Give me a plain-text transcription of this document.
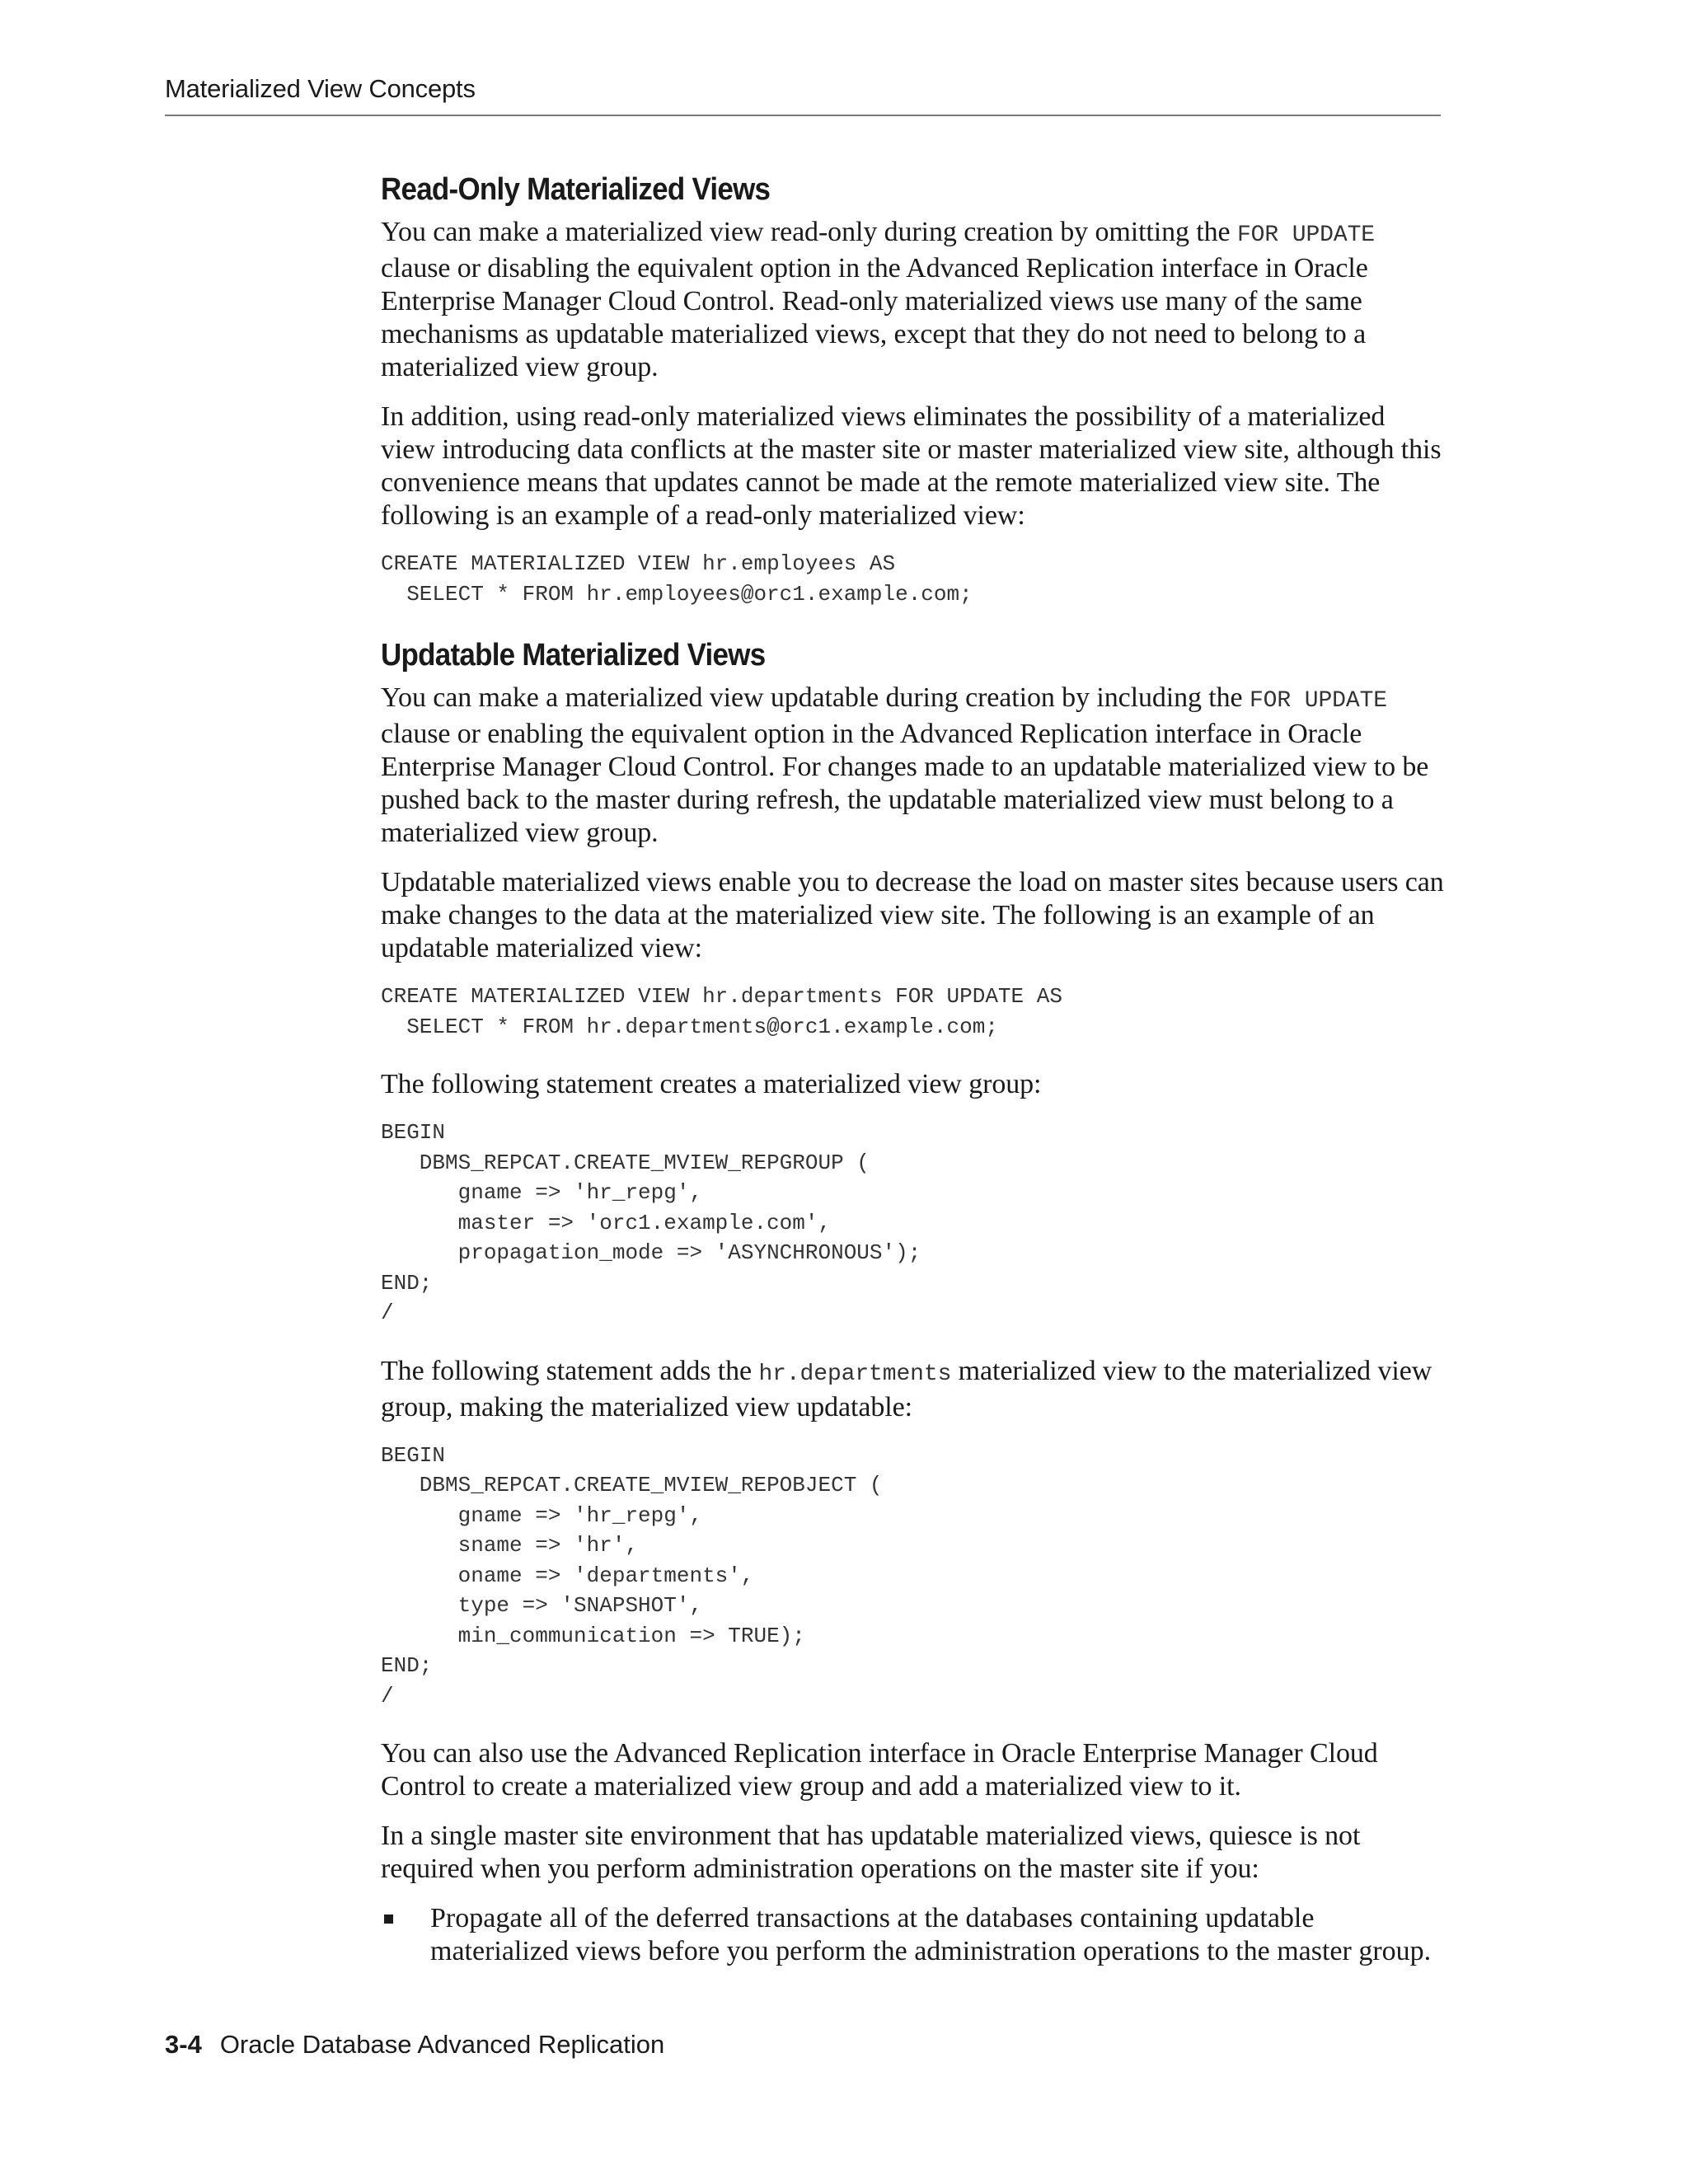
Materialized View Concepts
Read-Only Materialized Views

You can make a materialized view read-only during creation by omitting the FOR UPDATE clause or disabling the equivalent option in the Advanced Replication interface in Oracle Enterprise Manager Cloud Control. Read-only materialized views use many of the same mechanisms as updatable materialized views, except that they do not need to belong to a materialized view group.

In addition, using read-only materialized views eliminates the possibility of a materialized view introducing data conflicts at the master site or master materialized view site, although this convenience means that updates cannot be made at the remote materialized view site. The following is an example of a read-only materialized view:

CREATE MATERIALIZED VIEW hr.employees AS
SELECT * FROM hr.employees@orc1.example.com;
Updatable Materialized Views

You can make a materialized view updatable during creation by including the FOR UPDATE clause or enabling the equivalent option in the Advanced Replication interface in Oracle Enterprise Manager Cloud Control. For changes made to an updatable materialized view to be pushed back to the master during refresh, the updatable materialized view must belong to a materialized view group.

Updatable materialized views enable you to decrease the load on master sites because users can make changes to the data at the materialized view site. The following is an example of an updatable materialized view:

CREATE MATERIALIZED VIEW hr.departments FOR UPDATE AS
SELECT * FROM hr.departments@orc1.example.com;

The following statement creates a materialized view group:

BEGIN
DBMS_REPCAT.CREATE_MVIEW_REPGROUP (
gname => 'hr_repg',
master => 'orc1.example.com',
propagation_mode => 'ASYNCHRONOUS');
END;
/

The following statement adds the hr.departments materialized view to the materialized view group, making the materialized view updatable:

BEGIN
DBMS_REPCAT.CREATE_MVIEW_REPOBJECT (
gname => 'hr_repg',
sname => 'hr',
oname => 'departments',
type => 'SNAPSHOT',
min_communication => TRUE);
END;
/

You can also use the Advanced Replication interface in Oracle Enterprise Manager Cloud Control to create a materialized view group and add a materialized view to it.

In a single master site environment that has updatable materialized views, quiesce is not required when you perform administration operations on the master site if you:

Propagate all of the deferred transactions at the databases containing updatable materialized views before you perform the administration operations to the master group.
3-4 Oracle Database Advanced Replication
